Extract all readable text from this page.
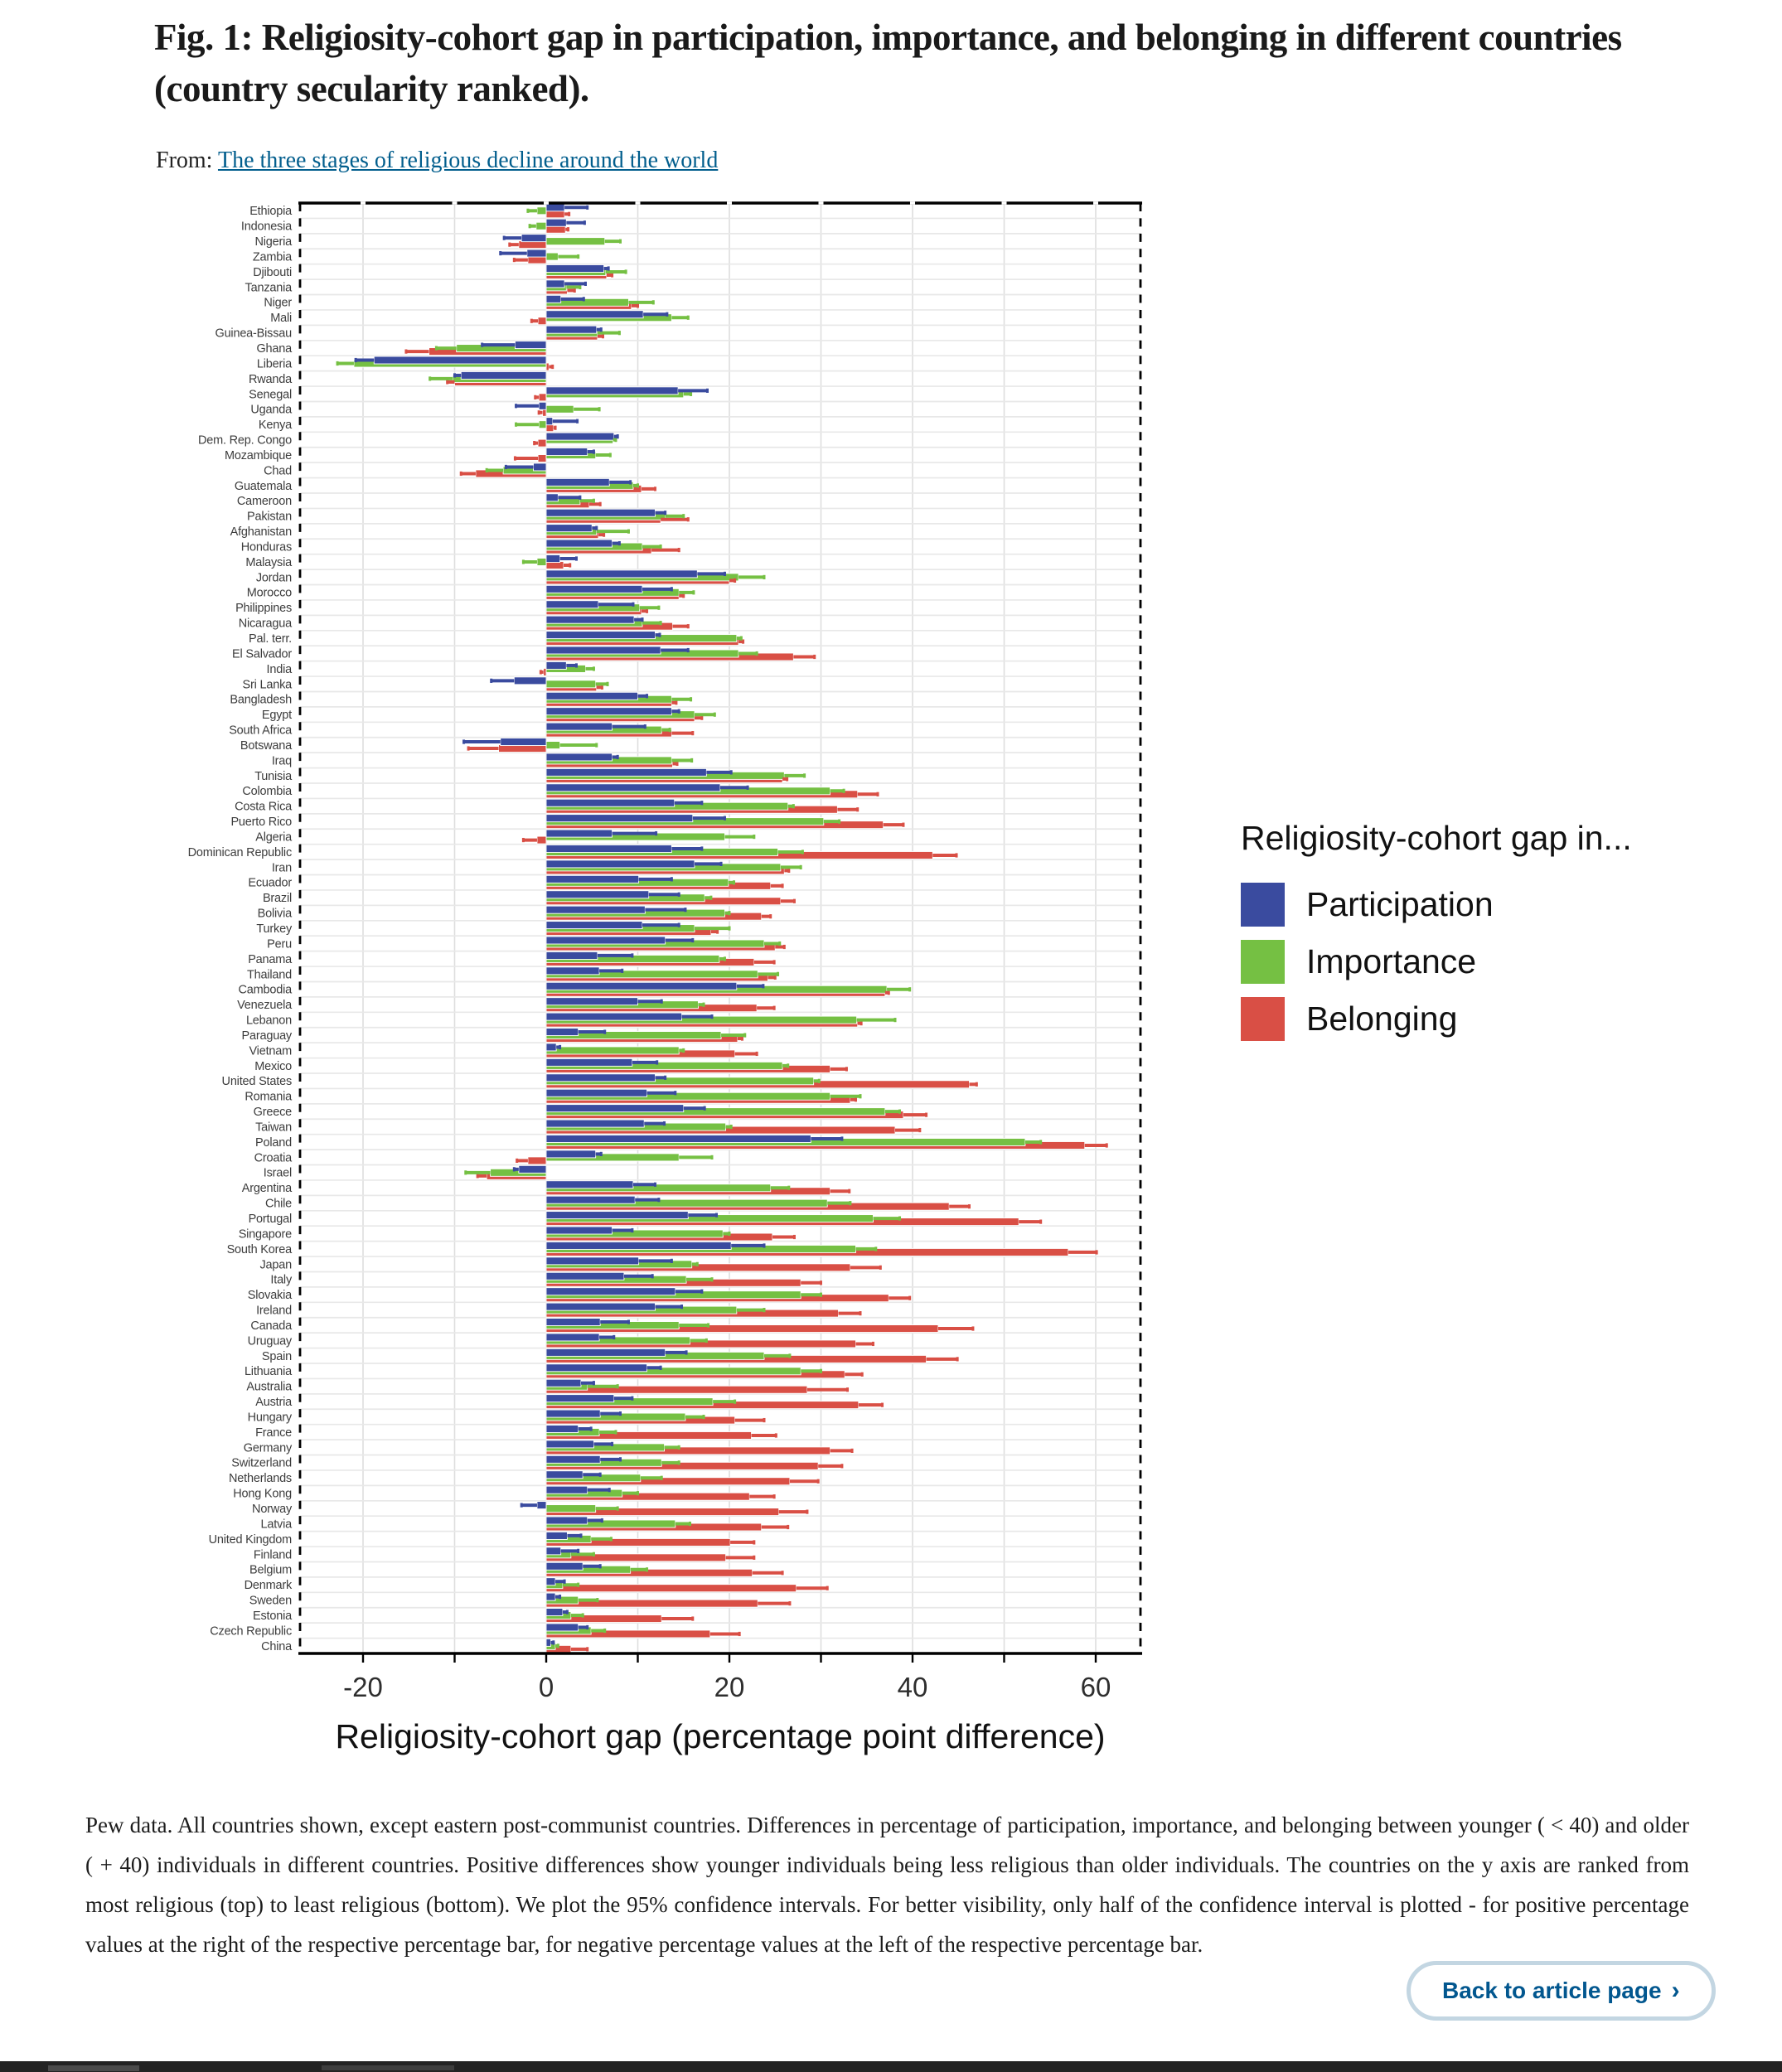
Fig. 1: Religiosity-cohort gap in participation, importance, and belonging in different countries (country secularity ranked).
From: The three stages of religious decline around the world
-20	0	20	40	60
Religiosity-cohort gap (percentage point difference)
Ethiopia
Indonesia
Nigeria
Zambia
Djibouti
Tanzania
Niger
Mali
Guinea-Bissau
Ghana
Liberia
Rwanda
Senegal
Uganda
Kenya
Dem. Rep. Congo
Mozambique
Chad
Guatemala
Cameroon
Pakistan
Afghanistan
Honduras
Malaysia
Jordan
Morocco
Philippines
Nicaragua
Pal. terr.
El Salvador
India
Sri Lanka
Bangladesh
Egypt
South Africa
Botswana
Iraq
Tunisia
Colombia
Costa Rica
Puerto Rico
Algeria
Dominican Republic
Iran
Ecuador
Brazil
Bolivia
Turkey
Peru
Panama
Thailand
Cambodia
Venezuela
Lebanon
Paraguay
Vietnam
Mexico
United States
Romania
Greece
Taiwan
Poland
Croatia
Israel
Argentina
Chile
Portugal
Singapore
South Korea
Japan
Italy
Slovakia
Ireland
Canada
Uruguay
Spain
Lithuania
Australia
Austria
Hungary
France
Germany
Switzerland
Netherlands
Hong Kong
Norway
Latvia
United Kingdom
Finland
Belgium
Denmark
Sweden
Estonia
Czech Republic
China
Religiosity-cohort gap in...
Participation
Importance
Belonging
Pew data. All countries shown, except eastern post-communist countries. Differences in percentage of participation, importance, and belonging between younger ( < 40) and older ( + 40) individuals in different countries. Positive differences show younger individuals being less religious than older individuals. The countries on the y axis are ranked from most religious (top) to least religious (bottom). We plot the 95% confidence intervals. For better visibility, only half of the confidence interval is plotted - for positive percentage values at the right of the respective percentage bar, for negative percentage values at the left of the respective percentage bar.
Back to article page ›
